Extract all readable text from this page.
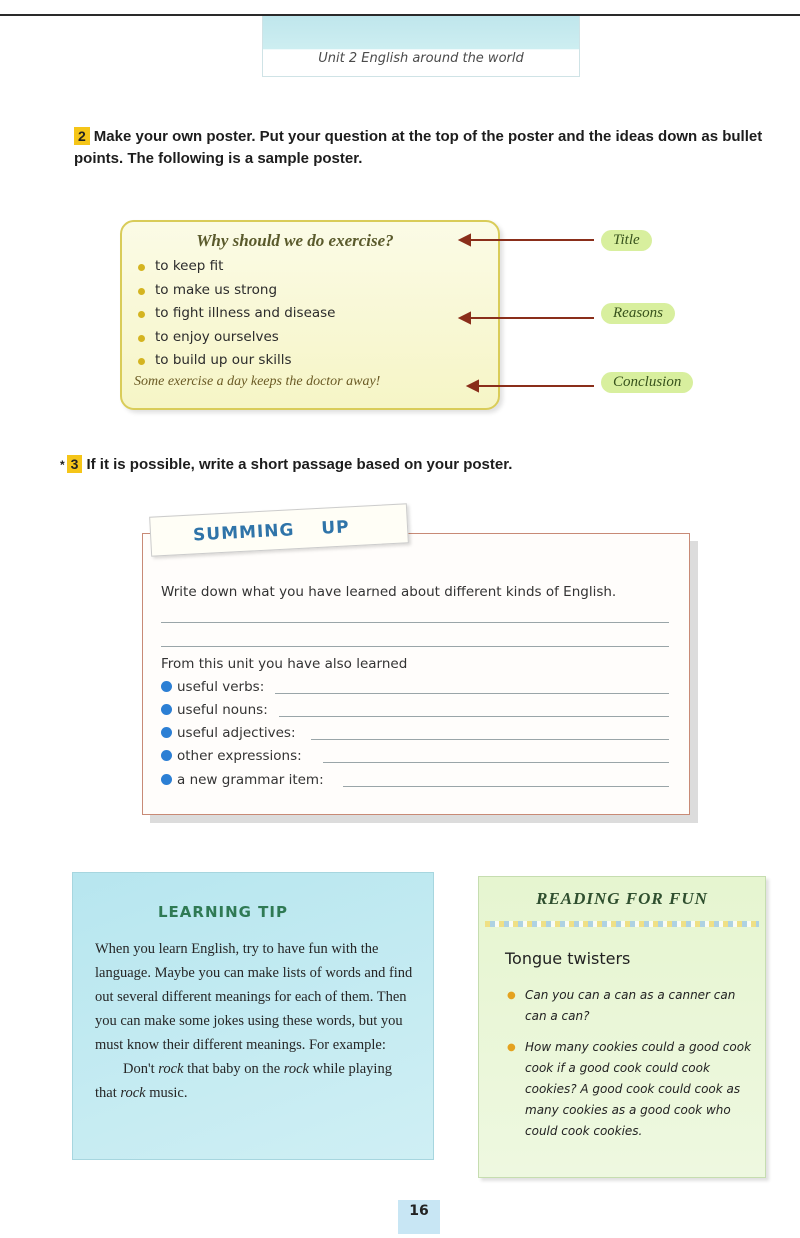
Unit 2 English around the world
2 Make your own poster. Put your question at the top of the poster and the ideas down as bullet points. The following is a sample poster.
Why should we do exercise?
to keep fit
to make us strong
to fight illness and disease
to enjoy ourselves
to build up our skills
Some exercise a day keeps the doctor away!
Title
Reasons
Conclusion
* 3 If it is possible, write a short passage based on your poster.
Write down what you have learned about different kinds of English.
From this unit you have also learned
useful verbs:
useful nouns:
useful adjectives:
other expressions:
a new grammar item:
SUMMING UP
LEARNING TIP

When you learn English, try to have fun with the language. Maybe you can make lists of words and find out several different meanings for each of them. Then you can make some jokes using these words, but you must know their different meanings. For example:

Don't rock that baby on the rock while playing that rock music.

READING FOR FUN
Tongue twisters
● Can you can a can as a canner can can a can?
● How many cookies could a good cook cook if a good cook could cook cookies? A good cook could cook as many cookies as a good cook who could cook cookies.
16
